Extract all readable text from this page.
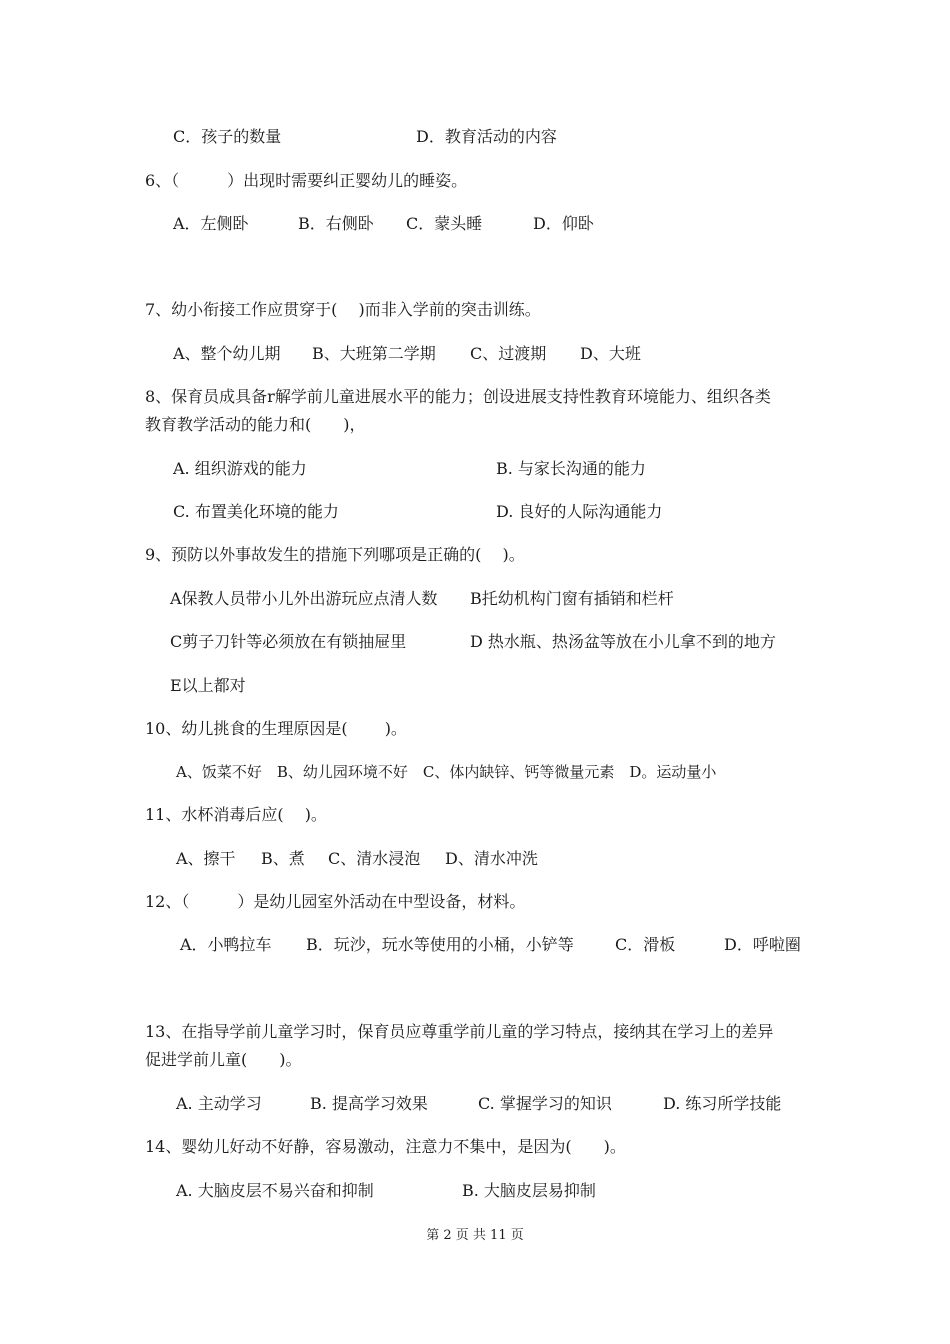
C．孩子的数量

	D．教育活动的内容

6、（　　　）出现时需要纠正婴幼儿的睡姿。

A．左侧卧

	B．右侧卧

C．蒙头睡

	D．仰卧

7、幼小衔接工作应贯穿于(　 )而非入学前的突击训练。

A、整个幼儿期

B、大班第二学期

C、过渡期

D、大班

8、保育员成具备r解学前儿童进展水平的能力；创设进展支持性教育环境能力、组织各类

教育教学活动的能力和(　　)，

A. 组织游戏的能力

	B. 与家长沟通的能力

C. 布置美化环境的能力

	D. 良好的人际沟通能力

9、预防以外事故发生的措施下列哪项是正确的(　 )。

A保教人员带小儿外出游玩应点清人数

B托幼机构门窗有插销和栏杆

C剪子刀针等必须放在有锁抽屉里

	D 热水瓶、热汤盆等放在小儿拿不到的地方

E以上都对

10、幼儿挑食的生理原因是(　　 )。

A、饭菜不好　B、幼儿园环境不好　C、体内缺锌、钙等微量元素　D。运动量小

11、水杯消毒后应(　 )。

A、擦干

B、煮

C、清水浸泡

D、清水冲洗

12、（　　　）是幼儿园室外活动在中型设备，材料。

A．小鸭拉车

B．玩沙，玩水等使用的小桶，小铲等

	C．滑板

	D．呼啦圈

13、在指导学前儿童学习时，保育员应尊重学前儿童的学习特点，接纳其在学习上的差异

促进学前儿童(　　)。

A. 主动学习

	B. 提高学习效果

	C. 掌握学习的知识

	D. 练习所学技能

14、婴幼儿好动不好静，容易激动，注意力不集中，是因为(　　)。

A. 大脑皮层不易兴奋和抑制

	B. 大脑皮层易抑制

第 2 页 共 11 页
